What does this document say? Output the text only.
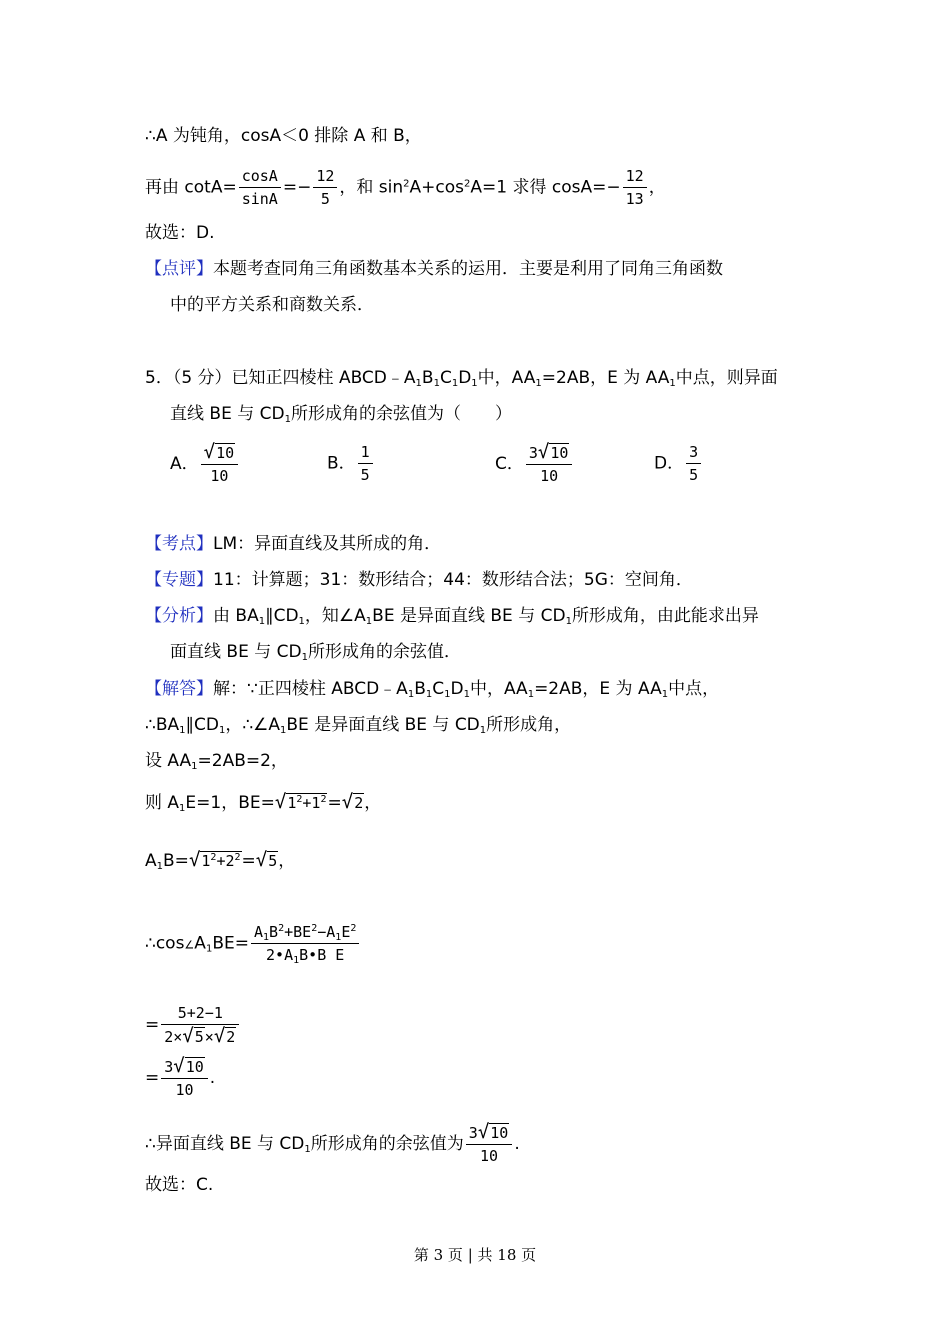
∴A 为钝角，cosA＜0 排除 A 和 B，
再由 $\cot A= \frac{\cos A}{\sin A} =- \frac{12}{5}$ ，和 $\sin^2A+\cos^2A=1$ 求得 $\cos A=- \frac{12}{13}$ ，
故选：D.
【点评】本题考查同角三角函数基本关系的运用．主要是利用了同角三角函数
中的平方关系和商数关系．
5．（5 分）已知正四棱柱 $ABCD﹣A_1B_1C_1D_1$中，$AA_1=2AB$，E 为 $AA_1$中点，则异面
直线 BE 与 $CD_1$所形成角的余弦值为（　　）
A． $\frac{√10}{10}$	B． $\frac{1}{5}$	C． $\frac{3√10}{10}$	D． $\frac{3}{5}$
【考点】LM：异面直线及其所成的角．
【专题】11：计算题；31：数形结合；44：数形结合法；5G：空间角．
【分析】由 $BA_1\parallel CD_1$，知$\angle A_1BE$ 是异面直线 BE 与 $CD_1$所形成角，由此能求出异
面直线 BE 与 $CD_1$所形成角的余弦值．
【解答】解：∵正四棱柱 $ABCD﹣A_1B_1C_1D_1$中，$AA_1=2AB$，E 为 $AA_1$中点，
$\therefore BA_1\parallel CD_1$，$\therefore\angle A_1BE$ 是异面直线 BE 与 $CD_1$所形成角，
设 $AA_1=2AB=2$，
则 $A_1E=1$，$BE=√1^2+1^2=√2$，
$A_1B=√1^2+2^2=√5$，
$\therefore\cos\angle A_1BE= \frac{A_1B^2+BE^2-A_1E^2}{2•A_1B•B E}$
= $\frac{5+2-1}{2\times√5\times√2}$
= $\frac{3√10}{10}$ .
∴异面直线 BE 与 $CD_1$所形成角的余弦值为 $\frac{3√10}{10}$ .
故选：C.
第 3 页 | 共 18 页
